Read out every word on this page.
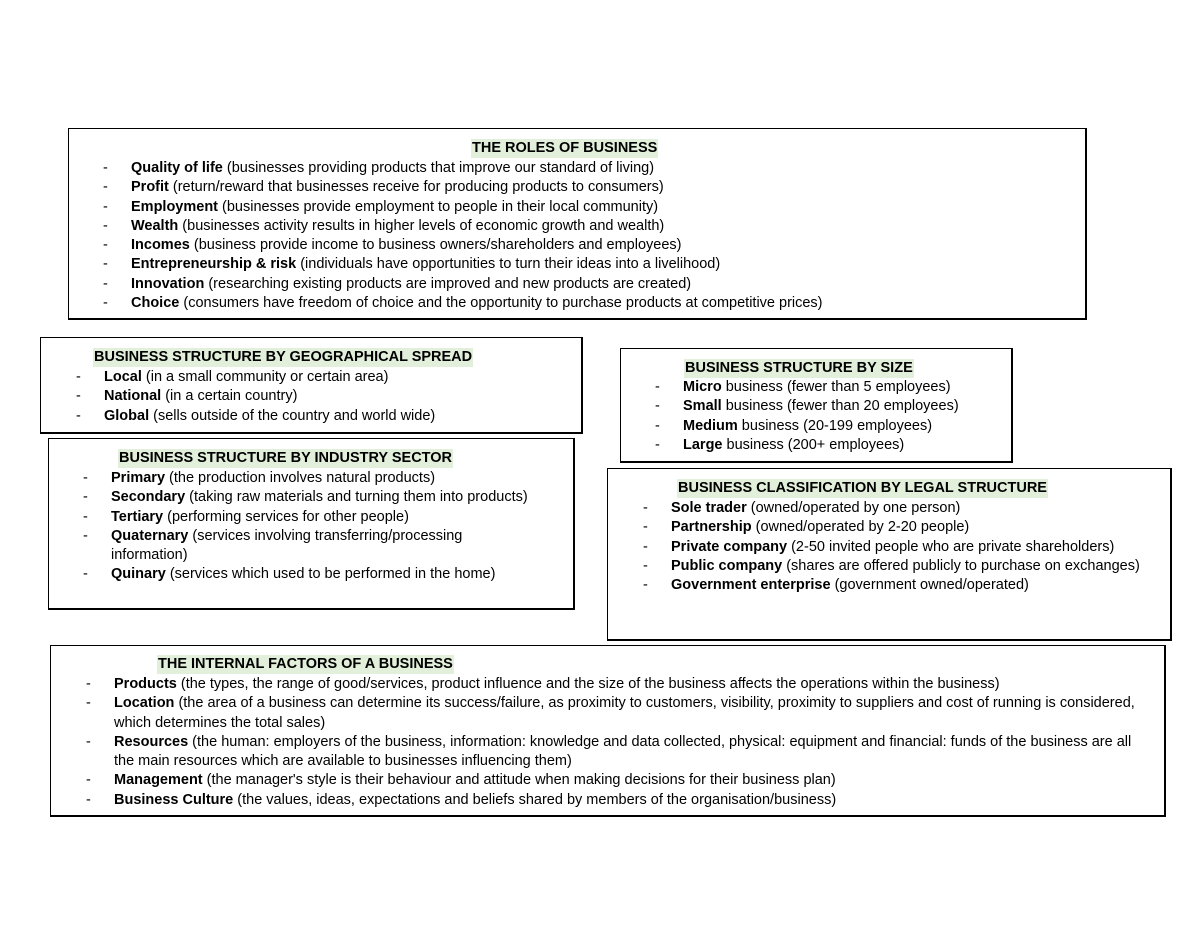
THE ROLES OF BUSINESS
- Quality of life (businesses providing products that improve our standard of living)
- Profit (return/reward that businesses receive for producing products to consumers)
- Employment (businesses provide employment to people in their local community)
- Wealth (businesses activity results in higher levels of economic growth and wealth)
- Incomes (business provide income to business owners/shareholders and employees)
- Entrepreneurship & risk (individuals have opportunities to turn their ideas into a livelihood)
- Innovation (researching existing products are improved and new products are created)
- Choice (consumers have freedom of choice and the opportunity to purchase products at competitive prices)
BUSINESS STRUCTURE BY GEOGRAPHICAL SPREAD
- Local (in a small community or certain area)
- National (in a certain country)
- Global (sells outside of the country and world wide)
BUSINESS STRUCTURE BY SIZE
- Micro business (fewer than 5 employees)
- Small business (fewer than 20 employees)
- Medium business (20-199 employees)
- Large business (200+ employees)
BUSINESS STRUCTURE BY INDUSTRY SECTOR
- Primary (the production involves natural products)
- Secondary (taking raw materials and turning them into products)
- Tertiary (performing services for other people)
- Quaternary (services involving transferring/processing information)
- Quinary (services which used to be performed in the home)
BUSINESS CLASSIFICATION BY LEGAL STRUCTURE
- Sole trader (owned/operated by one person)
- Partnership (owned/operated by 2-20 people)
- Private company (2-50 invited people who are private shareholders)
- Public company (shares are offered publicly to purchase on exchanges)
- Government enterprise (government owned/operated)
THE INTERNAL FACTORS OF A BUSINESS
- Products (the types, the range of good/services, product influence and the size of the business affects the operations within the business)
- Location (the area of a business can determine its success/failure, as proximity to customers, visibility, proximity to suppliers and cost of running is considered, which determines the total sales)
- Resources (the human: employers of the business, information: knowledge and data collected, physical: equipment and financial: funds of the business are all the main resources which are available to businesses influencing them)
- Management (the manager's style is their behaviour and attitude when making decisions for their business plan)
- Business Culture (the values, ideas, expectations and beliefs shared by members of the organisation/business)
